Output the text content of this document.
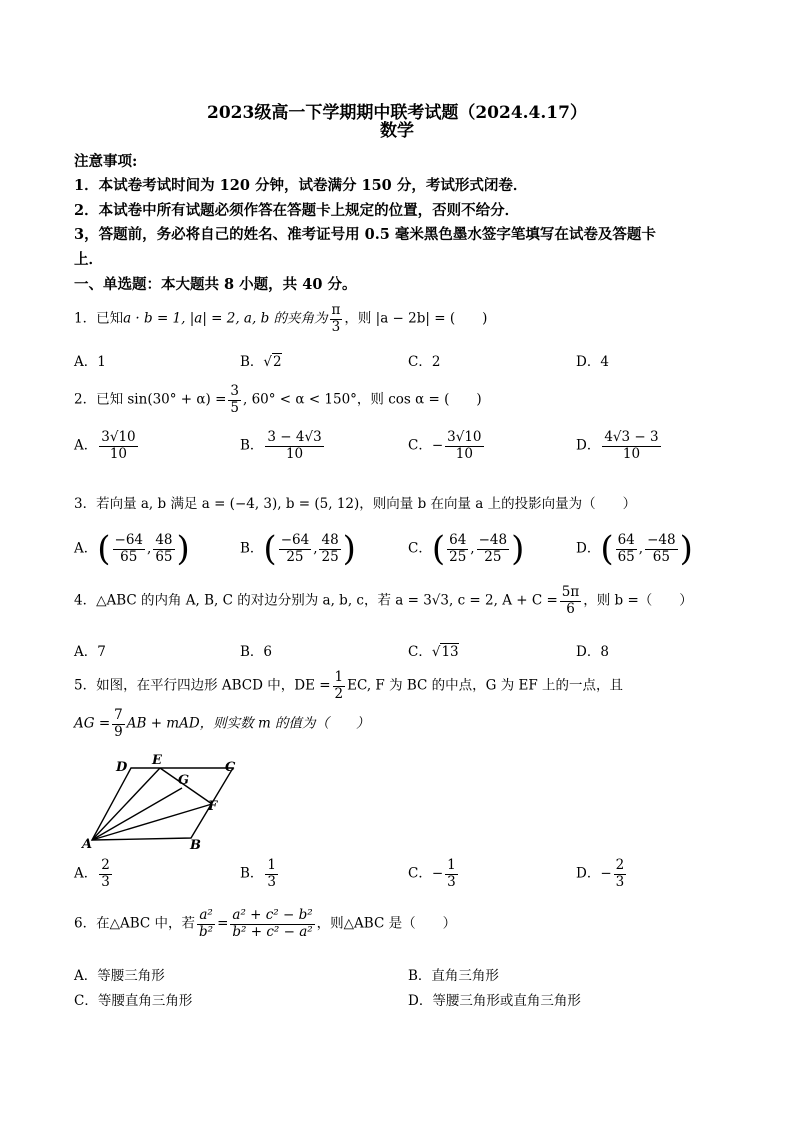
2023级高一下学期期中联考试题（2024.4.17）
数学
注意事项:
1．本试卷考试时间为 120 分钟，试卷满分 150 分，考试形式闭卷．
2．本试卷中所有试题必须作答在答题卡上规定的位置，否则不给分．
3，答题前，务必将自己的姓名、准考证号用 0.5 毫米黑色墨水签字笔填写在试卷及答题卡
上．
一、单选题：本大题共 8 小题，共 40 分。
1．已知a · b = 1, |a| = 2, a, b 的夹角为 $\frac{\pi}{3}$ ，则 |a − 2b| = (　　)
A．1	B．√2	C．2	D．4
2．已知 $\sin(30^\circ + \alpha) = \frac{3}{5}$ , 60° < α < 150°，则 cos α = (　　)
A． $\frac{3√10}{10}$	B． $\frac{3 - 4√3}{10}$	C．− $\frac{3√10}{10}$	D． $\frac{4√3 - 3}{10}$
3．若向量 a, b 满足 a = (−4, 3), b = (5, 12)，则向量 b 在向量 a 上的投影向量为（　　）
A．( $\frac{-64}{65}$ , $\frac{48}{65}$ )	B．( $\frac{-64}{25}$ , $\frac{48}{25}$ )	C．( $\frac{64}{25}$ , $\frac{-48}{25}$ )	D．( $\frac{64}{65}$ , $\frac{-48}{65}$ )
4．△ABC 的内角 A, B, C 的对边分别为 a, b, c，若 a = 3√3, c = 2, $A + C = \frac{5\pi}{6}$ ，则 b =（　　）
A．7	B．6	C．√13	D．8
5．如图，在平行四边形 ABCD 中，DE = $\frac{1}{2}$ EC, F 为 BC 的中点，G 为 EF 上的一点，且
AG = $\frac{7}{9}$ AB + mAD，则实数 m 的值为（　　）
D E
G
C
F
A	B
A． $\frac{2}{3}$	B． $\frac{1}{3}$	C．− $\frac{1}{3}$	D．− $\frac{2}{3}$
6．在△ABC 中，若 $\frac{\text{a²}}{\text{b²}} = \frac{\text{a² + c² − b²}}{\text{b² + c² − a²}}$ ，则△ABC 是（　　）
A．等腰三角形	B．直角三角形
C．等腰直角三角形	D．等腰三角形或直角三角形
